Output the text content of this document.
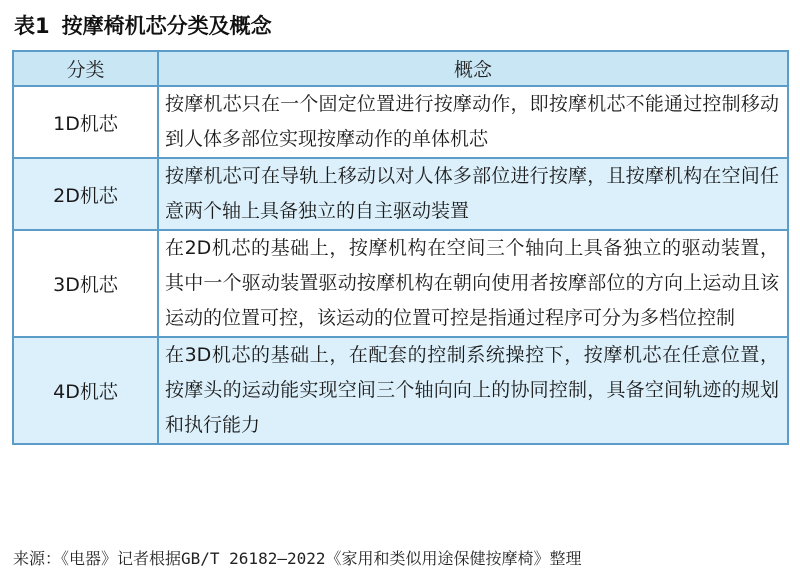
表1 按摩椅机芯分类及概念
分类	概念
1D机芯	按摩机芯只在一个固定位置进行按摩动作，即按摩机芯不能通过控制移动到人体多部位实现按摩动作的单体机芯
2D机芯	按摩机芯可在导轨上移动以对人体多部位进行按摩，且按摩机构在空间任意两个轴上具备独立的自主驱动装置
3D机芯	在2D机芯的基础上，按摩机构在空间三个轴向上具备独立的驱动装置，其中一个驱动装置驱动按摩机构在朝向使用者按摩部位的方向上运动且该运动的位置可控，该运动的位置可控是指通过程序可分为多档位控制
4D机芯	在3D机芯的基础上，在配套的控制系统操控下，按摩机芯在任意位置，按摩头的运动能实现空间三个轴向向上的协同控制，具备空间轨迹的规划和执行能力
来源：《电器》记者根据GB/T 26182—2022《家用和类似用途保健按摩椅》整理
